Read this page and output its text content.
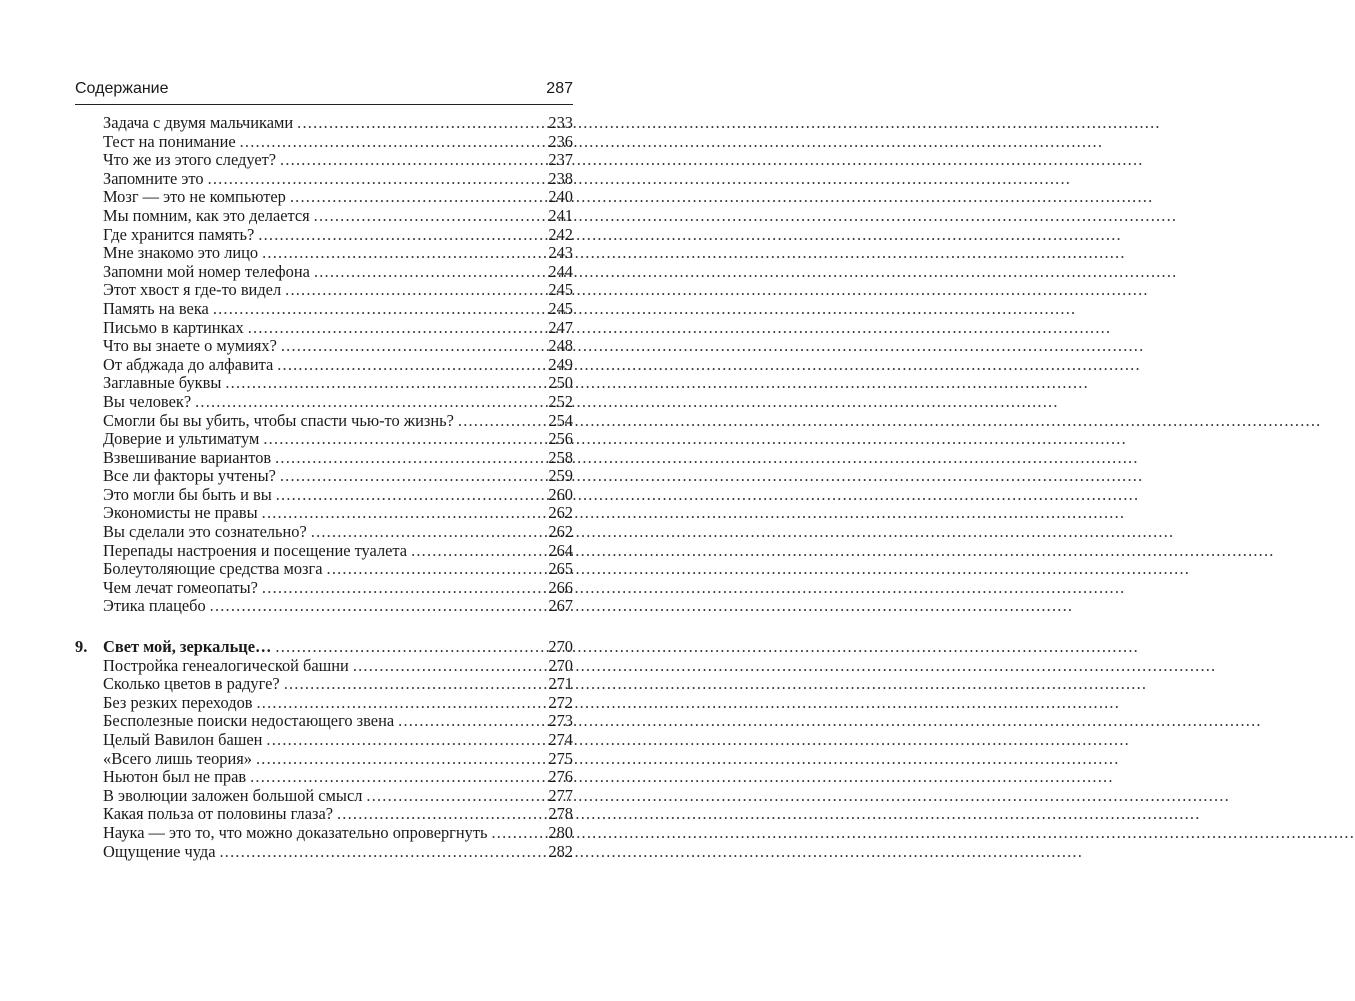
Содержание	287
Задача с двумя мальчиками .....	233
Тест на понимание .....	236
Что же из этого следует? .....	237
Запомните это .....	238
Мозг — это не компьютер .....	240
Мы помним, как это делается .....	241
Где хранится память? .....	242
Мне знакомо это лицо .....	243
Запомни мой номер телефона .....	244
Этот хвост я где-то видел .....	245
Память на века .....	245
Письмо в картинках .....	247
Что вы знаете о мумиях? .....	248
От абджада до алфавита .....	249
Заглавные буквы .....	250
Вы человек? .....	252
Смогли бы вы убить, чтобы спасти чью-то жизнь? .....	254
Доверие и ультиматум .....	256
Взвешивание вариантов .....	258
Все ли факторы учтены? .....	259
Это могли бы быть и вы .....	260
Экономисты не правы .....	262
Вы сделали это сознательно? .....	262
Перепады настроения и посещение туалета .....	264
Болеутоляющие средства мозга .....	265
Чем лечат гомеопаты? .....	266
Этика плацебо .....	267
9. Свет мой, зеркальце… .....	270
Постройка генеалогической башни .....	270
Сколько цветов в радуге? .....	271
Без резких переходов .....	272
Бесполезные поиски недостающего звена .....	273
Целый Вавилон башен .....	274
«Всего лишь теория» .....	275
Ньютон был не прав .....	276
В эволюции заложен большой смысл .....	277
Какая польза от половины глаза? .....	278
Наука — это то, что можно доказательно опровергнуть .....	280
Ощущение чуда .....	282
